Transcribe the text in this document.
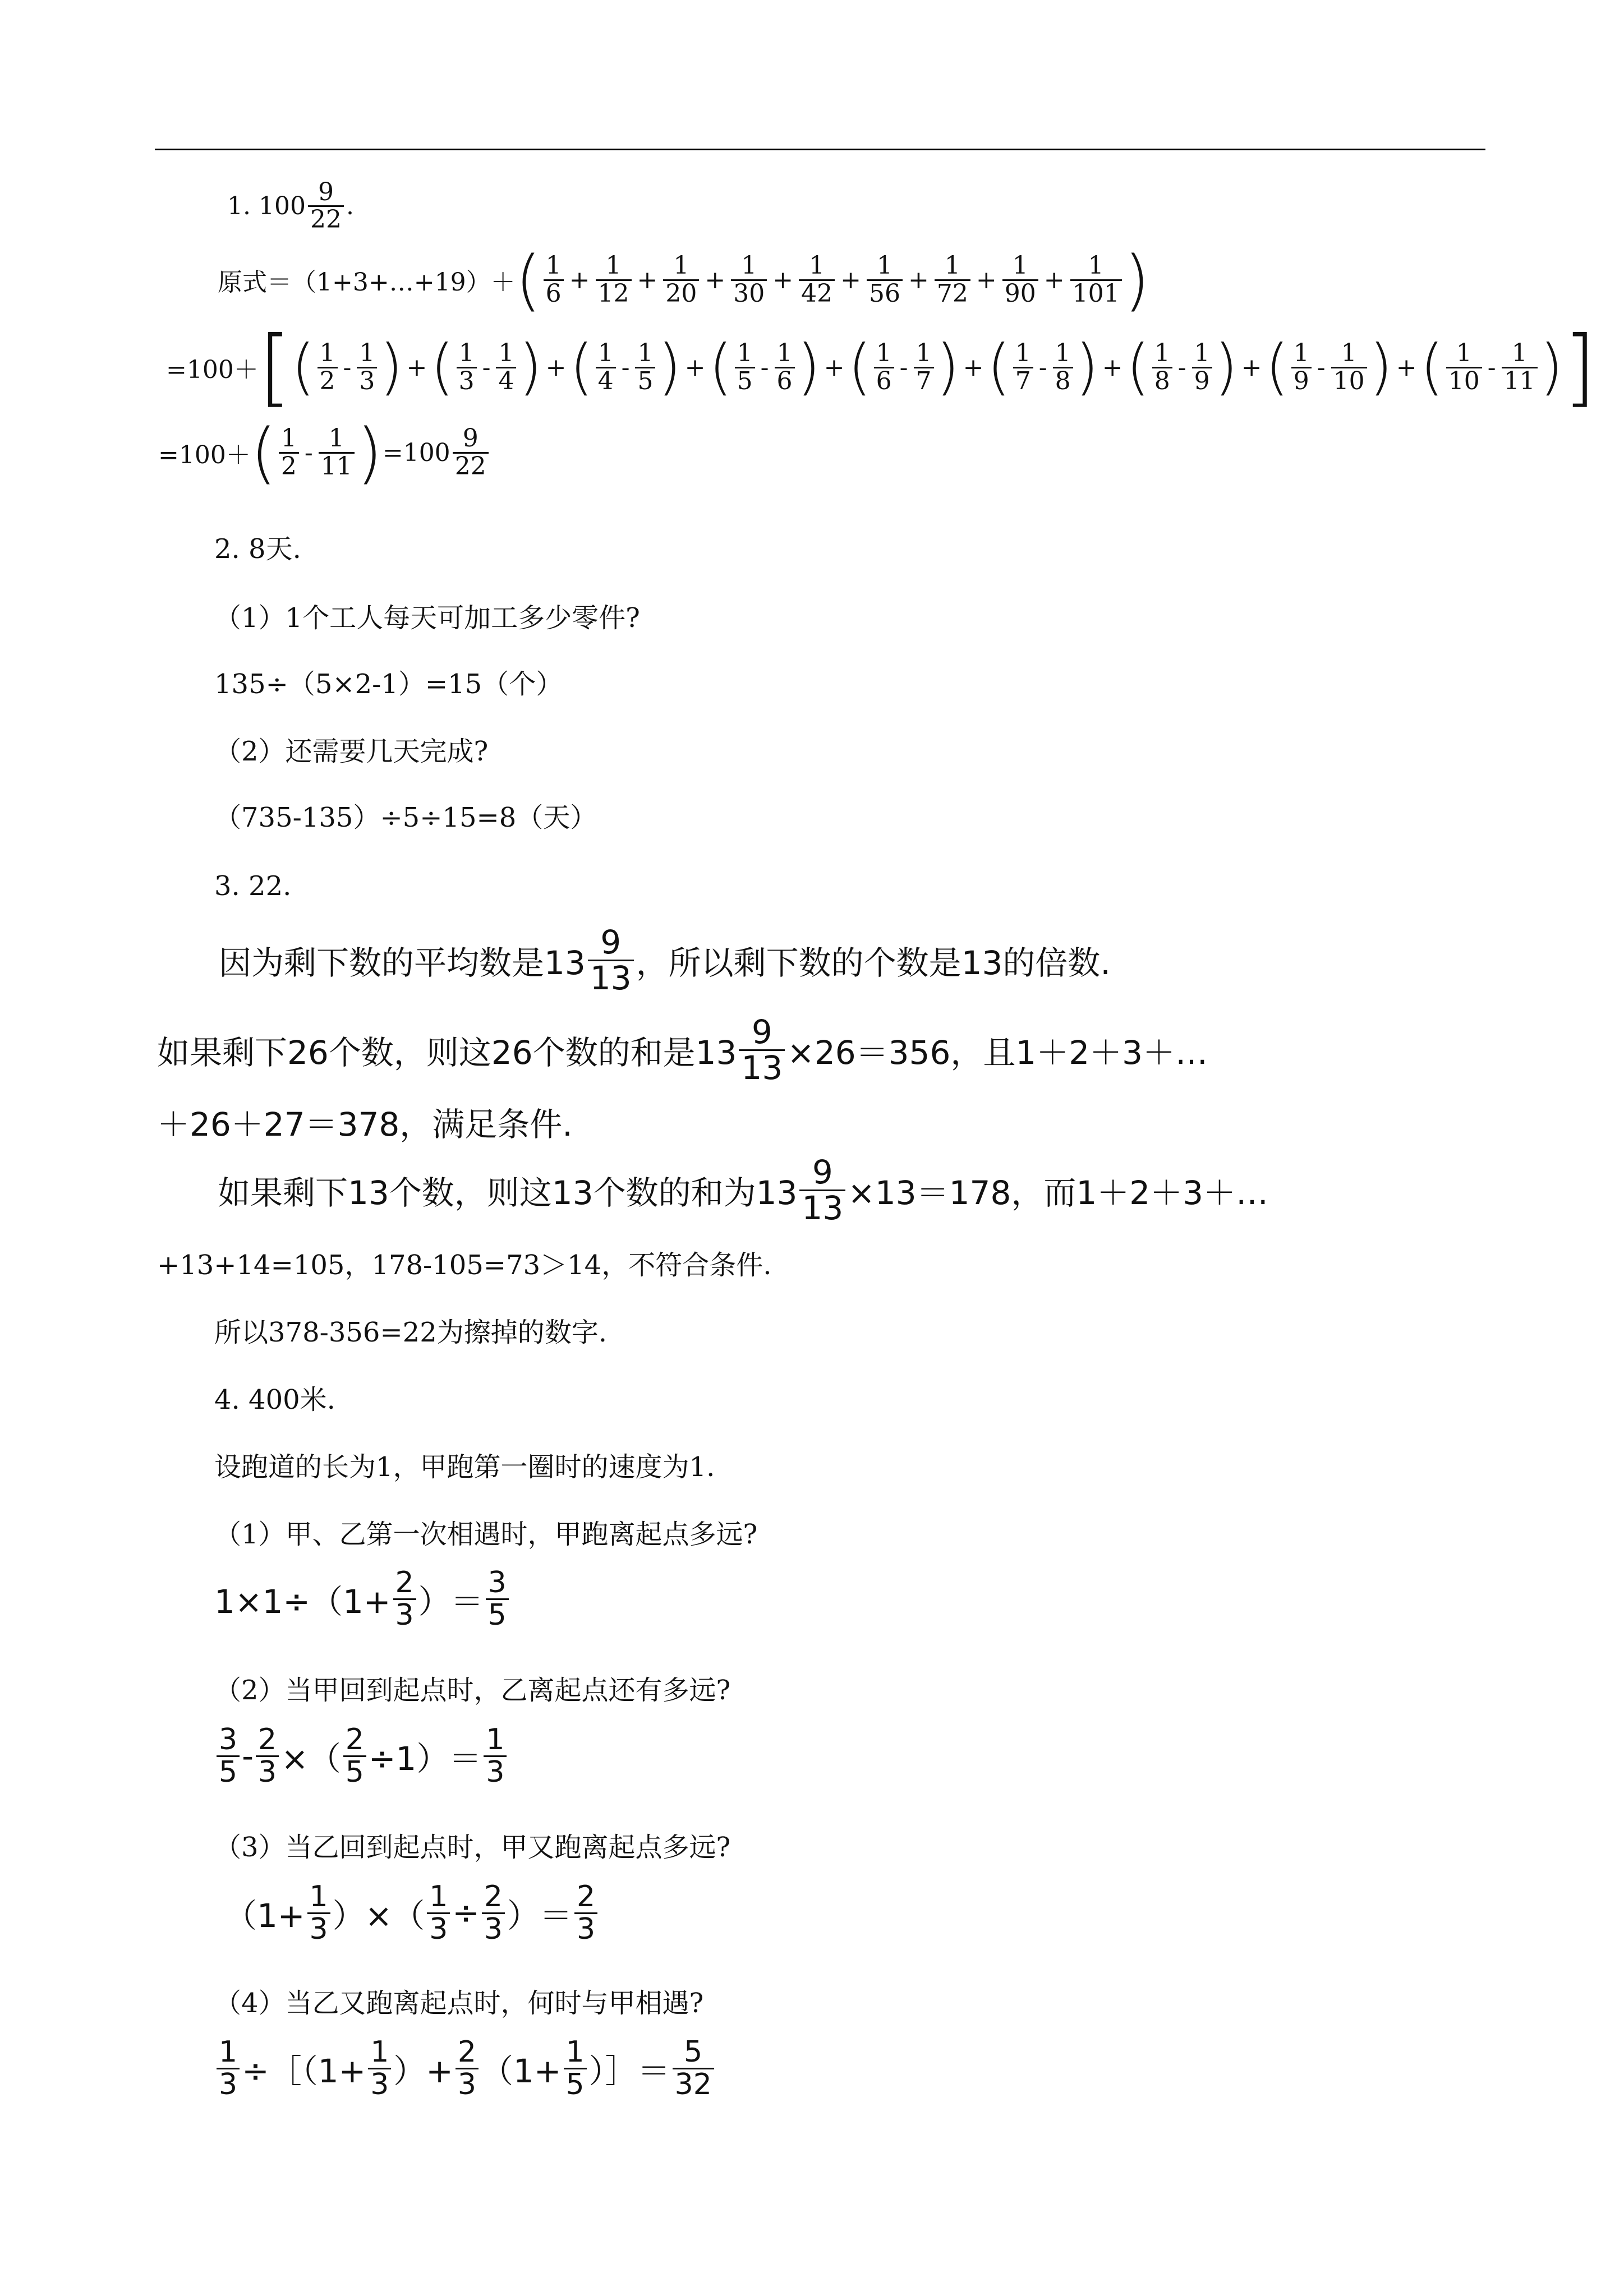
1. $100 \frac{9}{22}$ .
原式＝（1+3+…+19）＋ ( $\frac{1}{6} + \frac{1}{12} + \frac{1}{20} + \frac{1}{30} + \frac{1}{42} + \frac{1}{56} + \frac{1}{72} + \frac{1}{90} + \frac{1}{101}$ )
=100＋ [ ( $\frac{1}{2} - \frac{1}{3}$ ) + ( $\frac{1}{3} - \frac{1}{4}$ ) + ( $\frac{1}{4} - \frac{1}{5}$ ) + ( $\frac{1}{5} - \frac{1}{6}$ ) + ( $\frac{1}{6} - \frac{1}{7}$ ) + ( $\frac{1}{7} - \frac{1}{8}$ ) + ( $\frac{1}{8} - \frac{1}{9}$ ) + ( $\frac{1}{9} - \frac{1}{10}$ ) + ( $\frac{1}{10} - \frac{1}{11}$ ) ]
=100＋ ( $\frac{1}{2} - \frac{1}{11}$ ) $=100 \frac{9}{22}$
2. 8天.
（1）1个工人每天可加工多少零件?
135÷（5×2-1）=15（个）
（2）还需要几天完成?
（735-135）÷5÷15=8（天）
3. 22.
因为剩下数的平均数是$13 \frac{9}{13}$ ，所以剩下数的个数是13的倍数.
如果剩下26个数，则这26个数的和是$13 \frac{9}{13} \times 26=356$，且1＋2＋3＋…
＋26＋27＝378，满足条件.
如果剩下13个数，则这13个数的和为$13 \frac{9}{13} \times 13=178$，而1＋2＋3＋…
+13+14=105，178-105=73＞14，不符合条件.
所以378-356=22为擦掉的数字.
4. 400米.
设跑道的长为1，甲跑第一圈时的速度为1.
（1）甲、乙第一次相遇时，甲跑离起点多远?
$1\times 1\div(1+ \frac{2}{3}$ ）＝ $\frac{3}{5}$
（2）当甲回到起点时，乙离起点还有多远?
$\frac{3}{5} - \frac{2}{3}$ ×（ $\frac{2}{5} \div 1)= \frac{1}{3}$
（3）当乙回到起点时，甲又跑离起点多远?
（$1+ \frac{1}{3}$ ）×（ $\frac{1}{3} \div \frac{2}{3}$ ）＝ $\frac{2}{3}$
（4）当乙又跑离起点时，何时与甲相遇?
$\frac{1}{3}$ ÷［（1+ $\frac{1}{3}$ ）+ $\frac{2}{3} (1+ \frac{1}{5}$ ）］＝ $\frac{5}{32}$
